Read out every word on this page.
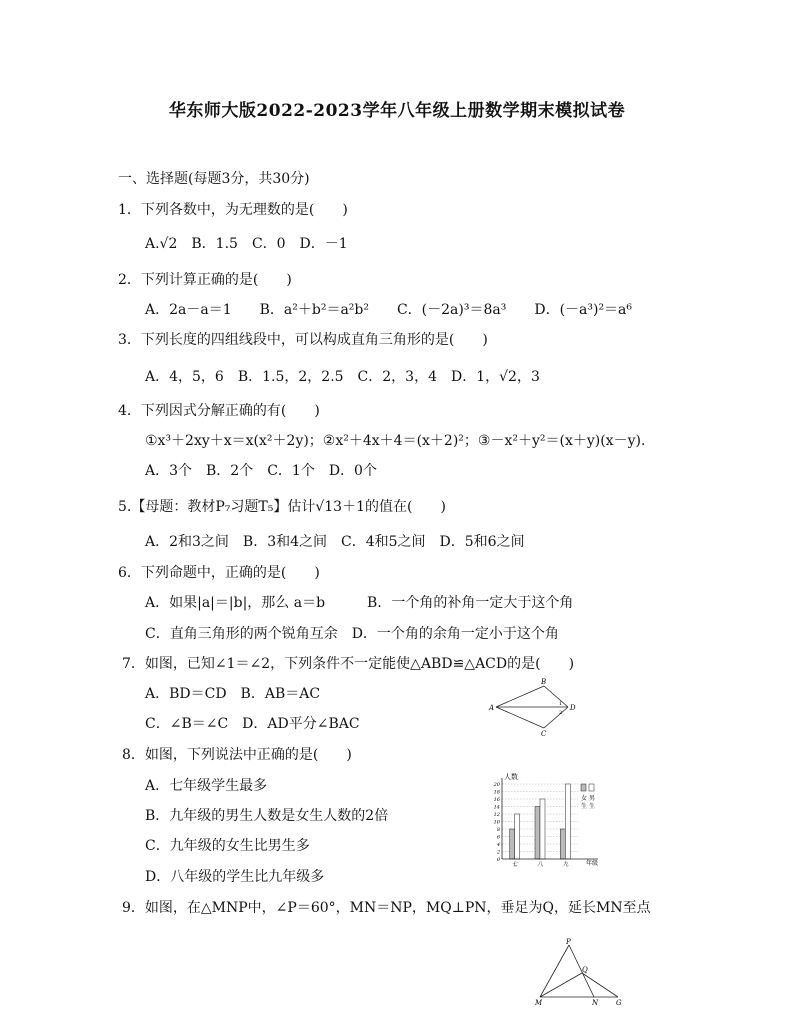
华东师大版2022-2023学年八年级上册数学期末模拟试卷
一、选择题(每题3分，共30分)
1．下列各数中，为无理数的是(　　)
A.√2　B．1.5　C．0　D．－1
2．下列计算正确的是(　　)
A．2a－a＝1　　B．a²＋b²＝a²b²　　C．(－2a)³＝8a³　　D．(－a³)²＝a⁶
3．下列长度的四组线段中，可以构成直角三角形的是(　　)
A．4，5，6　B．1.5，2，2.5　C．2，3，4　D．1，√2，3
4．下列因式分解正确的有(　　)
①x³＋2xy＋x＝x(x²＋2y)；②x²＋4x＋4＝(x＋2)²；③－x²＋y²＝(x＋y)(x－y)．
A．3个　B．2个　C．1个　D．0个
5.【母题：教材P₇习题T₅】估计√13＋1的值在(　　)
A．2和3之间　B．3和4之间　C．4和5之间　D．5和6之间
6．下列命题中，正确的是(　　)
A．如果|a|＝|b|，那么 a＝b　　　B．一个角的补角一定大于这个角
C．直角三角形的两个锐角互余　D．一个角的余角一定小于这个角
7．如图，已知∠1＝∠2，下列条件不一定能使△ABD≌△ACD的是(　　)
A．BD＝CD　B．AB＝AC
C．∠B＝∠C　D．AD平分∠BAC
8．如图，下列说法中正确的是(　　)
A．七年级学生最多
B．九年级的男生人数是女生人数的2倍
C．九年级的女生比男生多
D．八年级的学生比九年级多
9．如图，在△MNP中，∠P＝60°，MN＝NP，MQ⊥PN，垂足为Q，延长MN至点
A
B
C
D
1
2
人数
年级
0
2
4
6
8
10
12
14
16
18
20
七	八	九
女 男
生 生
P
Q
M	N	G
